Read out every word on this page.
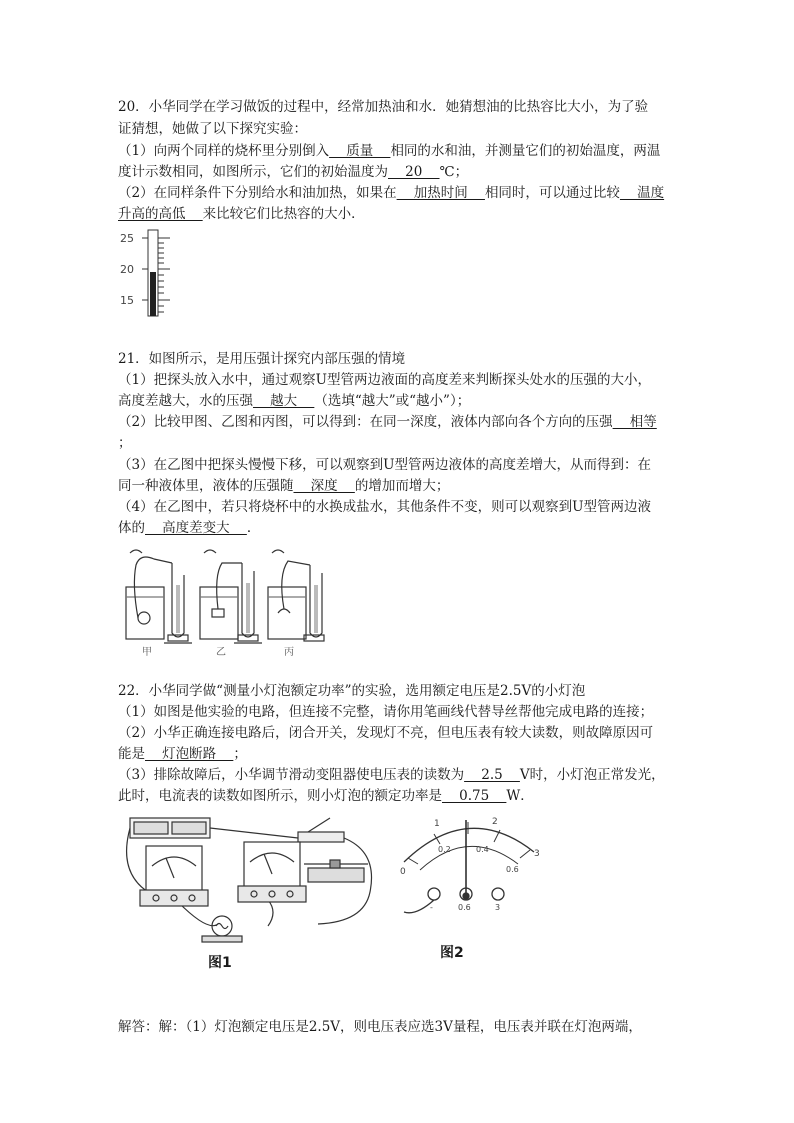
20．小华同学在学习做饭的过程中，经常加热油和水．她猜想油的比热容比大小，为了验
证猜想，她做了以下探究实验：
（1）向两个同样的烧杯里分别倒入    质量    相同的水和油，并测量它们的初始温度，两温
度计示数相同，如图所示，它们的初始温度为    20    ℃；
（2）在同样条件下分别给水和油加热，如果在    加热时间    相同时，可以通过比较    温度
升高的高低    来比较它们比热容的大小．
25
20
15
21．如图所示，是用压强计探究内部压强的情境
（1）把探头放入水中，通过观察U型管两边液面的高度差来判断探头处水的压强的大小，
高度差越大，水的压强    越大    （选填“越大”或“越小”）；
（2）比较甲图、乙图和丙图，可以得到：在同一深度，液体内部向各个方向的压强    相等
；
（3）在乙图中把探头慢慢下移，可以观察到U型管两边液体的高度差增大，从而得到：在
同一种液体里，液体的压强随    深度    的增加而增大；
（4）在乙图中，若只将烧杯中的水换成盐水，其他条件不变，则可以观察到U型管两边液
体的    高度差变大    ．
甲	乙	丙
22．小华同学做“测量小灯泡额定功率”的实验，选用额定电压是2.5V的小灯泡
（1）如图是他实验的电路，但连接不完整，请你用笔画线代替导丝帮他完成电路的连接；
（2）小华正确连接电路后，闭合开关，发现灯不亮，但电压表有较大读数，则故障原因可
能是    灯泡断路    ；
（3）排除故障后，小华调节滑动变阻器使电压表的读数为    2.5    V时，小灯泡正常发光，
此时，电流表的读数如图所示，则小灯泡的额定功率是    0.75    W．
图1
1	2
3
0
0.2	0.4
0.6
-	0.6	3
图2
解答：解：（1）灯泡额定电压是2.5V，则电压表应选3V量程，电压表并联在灯泡两端，
